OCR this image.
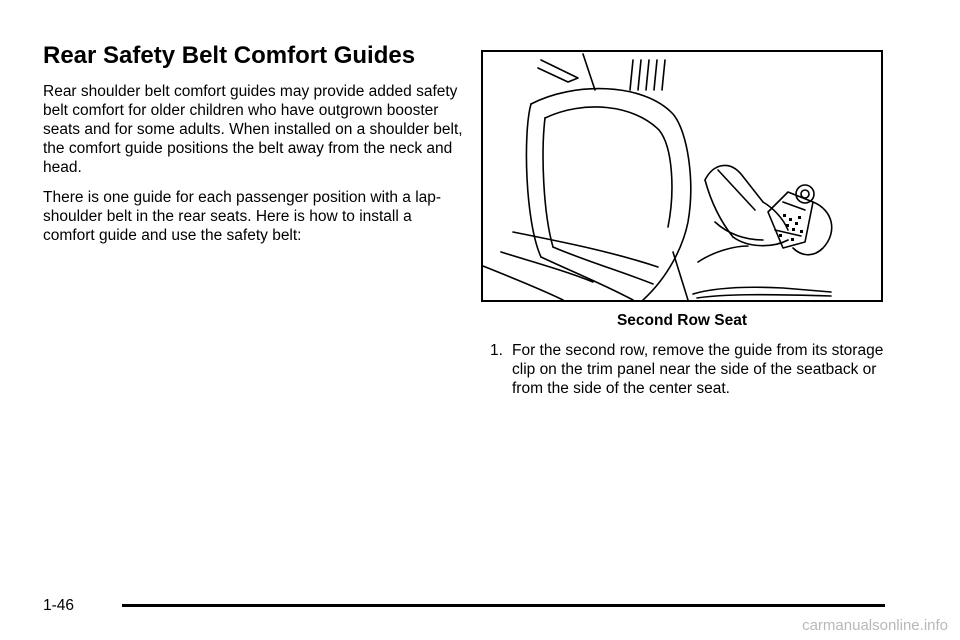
Rear Safety Belt Comfort Guides

Rear shoulder belt comfort guides may provide added safety belt comfort for older children who have outgrown booster seats and for some adults. When installed on a shoulder belt, the comfort guide positions the belt away from the neck and head.

There is one guide for each passenger position with a lap-shoulder belt in the rear seats. Here is how to install a comfort guide and use the safety belt:

Second Row Seat
1. For the second row, remove the guide from its storage clip on the trim panel near the side of the seatback or from the side of the center seat.
1-46
carmanualsonline.info
